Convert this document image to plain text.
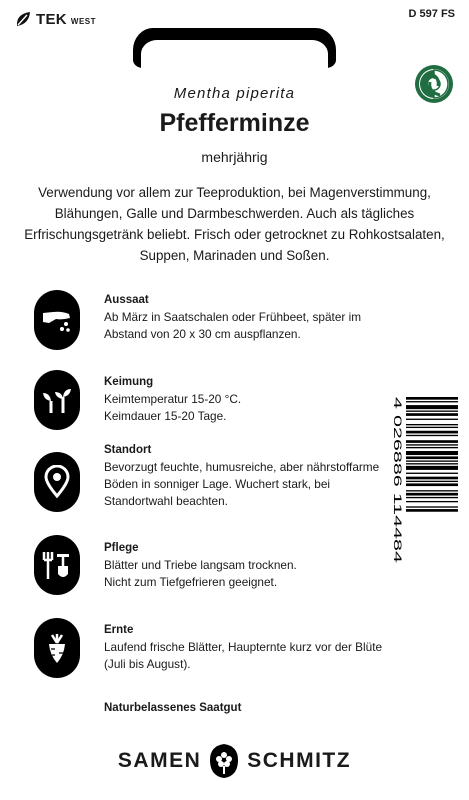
TEK WEST
D 597 FS
Mentha piperita
Pfefferminze
mehrjährig
Verwendung vor allem zur Teeproduktion, bei Magenverstimmung, Blähungen, Galle und Darmbeschwerden. Auch als tägliches Erfrischungsgetränk beliebt. Frisch oder getrocknet zu Rohkostsalaten, Suppen, Marinaden und Soßen.
Aussaat
Ab März in Saatschalen oder Frühbeet, später im Abstand von 20 x 30 cm auspflanzen.
Keimung
Keimtemperatur 15-20 °C.
Keimdauer 15-20 Tage.
Standort
Bevorzugt feuchte, humusreiche, aber nährstoffarme Böden in sonniger Lage. Wuchert stark, bei Standortwahl beachten.
Pflege
Blätter und Triebe langsam trocknen.
Nicht zum Tiefgefrieren geeignet.
Ernte
Laufend frische Blätter, Haupternte kurz vor der Blüte (Juli bis August).
4 026886 114484
Naturbelassenes Saatgut
SAMEN SCHMITZ
